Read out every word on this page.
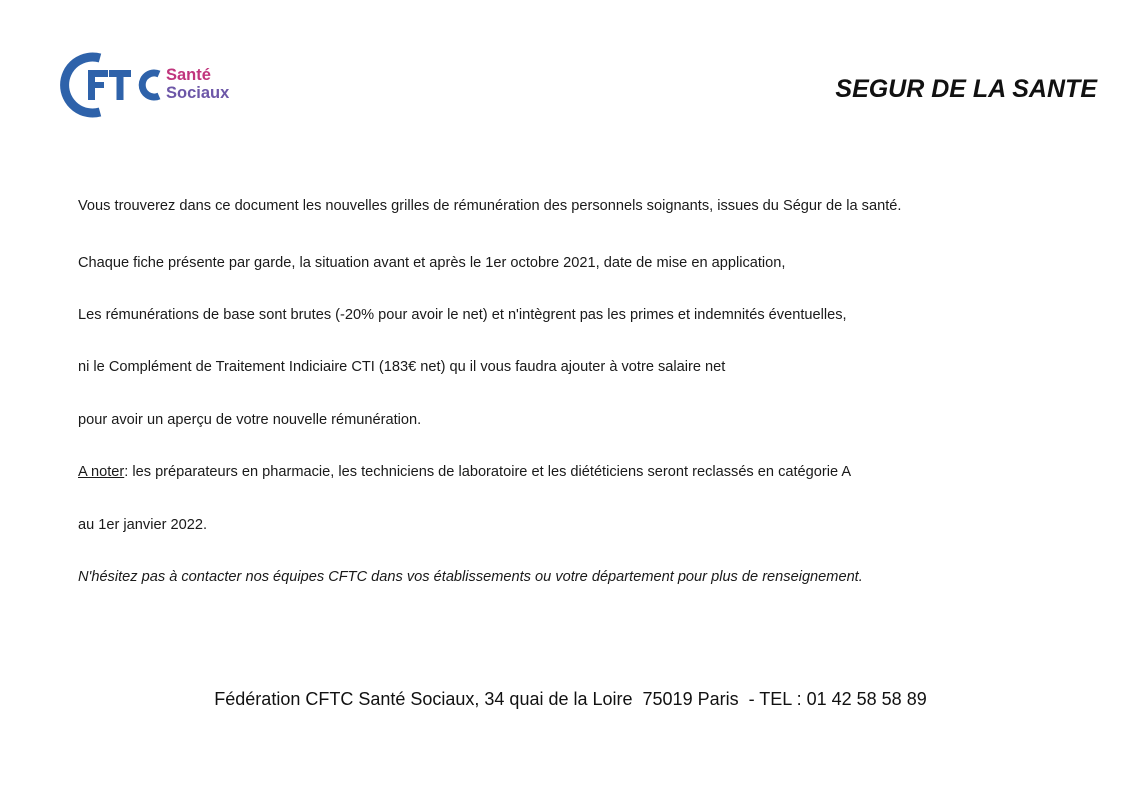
Santé
Sociaux	SEGUR DE LA SANTE
Vous trouverez dans ce document les nouvelles grilles de rémunération des personnels soignants, issues du Ségur de la santé.
Chaque fiche présente par garde, la situation avant et après le 1er octobre 2021, date de mise en application,
Les rémunérations de base sont brutes (-20% pour avoir le net) et n'intègrent pas les primes et indemnités éventuelles,
ni le Complément de Traitement Indiciaire CTI (183€ net) qu il vous faudra ajouter à votre salaire net
pour avoir un aperçu de votre nouvelle rémunération.
A noter: les préparateurs en pharmacie, les techniciens de laboratoire et les diététiciens seront reclassés en catégorie A
au 1er janvier 2022.
N'hésitez pas à contacter nos équipes CFTC dans vos établissements ou votre département pour plus de renseignement.
Fédération CFTC Santé Sociaux, 34 quai de la Loire  75019 Paris  - TEL : 01 42 58 58 89
